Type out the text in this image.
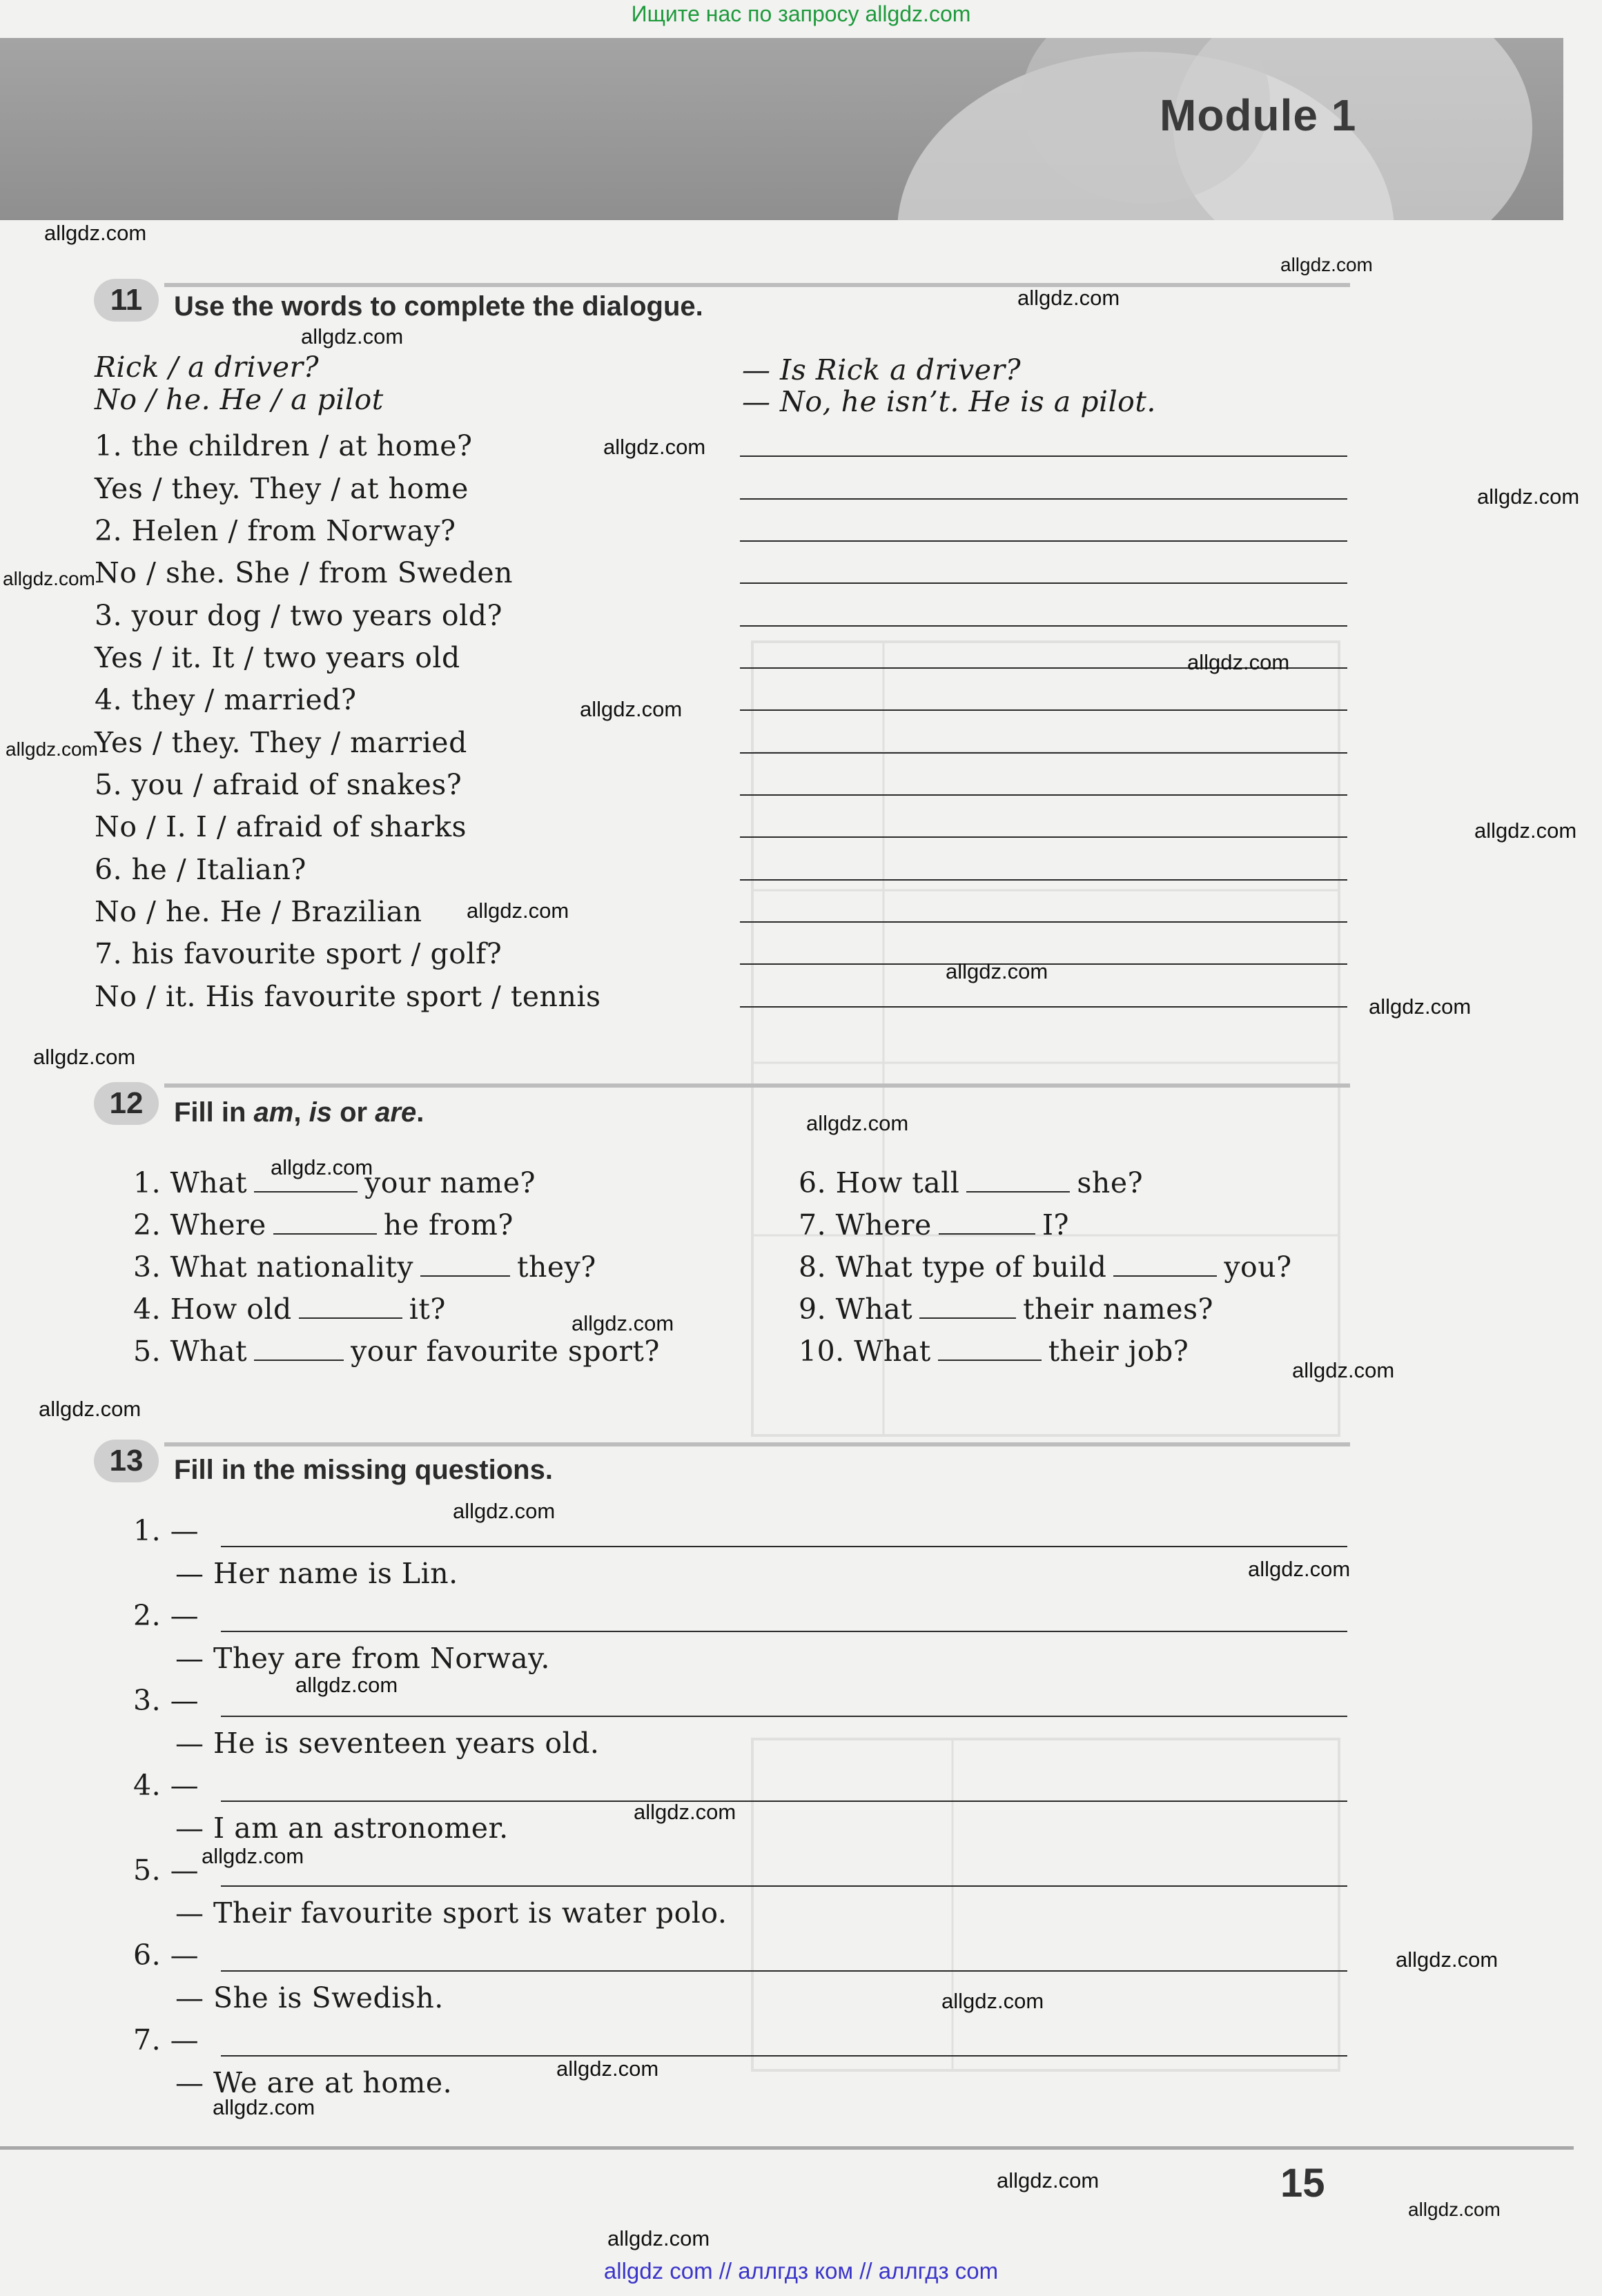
Ищите нас по запросу allgdz.com
Module 1
11	Use the words to complete the dialogue.
Rick / a driver?
No / he. He / a pilot
— Is Rick a driver?
— No, he isn’t. He is a pilot.
1. the children / at home?
Yes / they. They / at home
2. Helen / from Norway?
No / she. She / from Sweden
3. your dog / two years old?
Yes / it. It / two years old
4. they / married?
Yes / they. They / married
5. you / afraid of snakes?
No / I. I / afraid of sharks
6. he / Italian?
No / he. He / Brazilian
7. his favourite sport / golf?
No / it. His favourite sport / tennis
12	Fill in am, is or are.
1. What	your name?
2. Where	he from?
3. What nationality	they?
4. How old	it?
5. What	your favourite sport?
6. How tall	she?
7. Where	I?
8. What type of build	you?
9. What	their names?
10. What	their job?
13	Fill in the missing questions.
1. —
— Her name is Lin.
2. —
— They are from Norway.
3. —
— He is seventeen years old.
4. —
— I am an astronomer.
5. —
— Their favourite sport is water polo.
6. —
— She is Swedish.
7. —
— We are at home.
15
allgdz.com
allgdz.com
allgdz.com
allgdz.com
allgdz.com
allgdz.com
allgdz.com
allgdz.com
allgdz.com
allgdz.com
allgdz.com
allgdz.com
allgdz.com
allgdz.com
allgdz.com
allgdz.com
allgdz.com
allgdz.com
allgdz.com
allgdz.com
allgdz.com
allgdz.com
allgdz.com
allgdz.com
allgdz.com
allgdz.com
allgdz.com
allgdz.com
allgdz.com
allgdz.com
allgdz.com
allgdz.com
allgdz com // аллгдз ком // аллгдз com
